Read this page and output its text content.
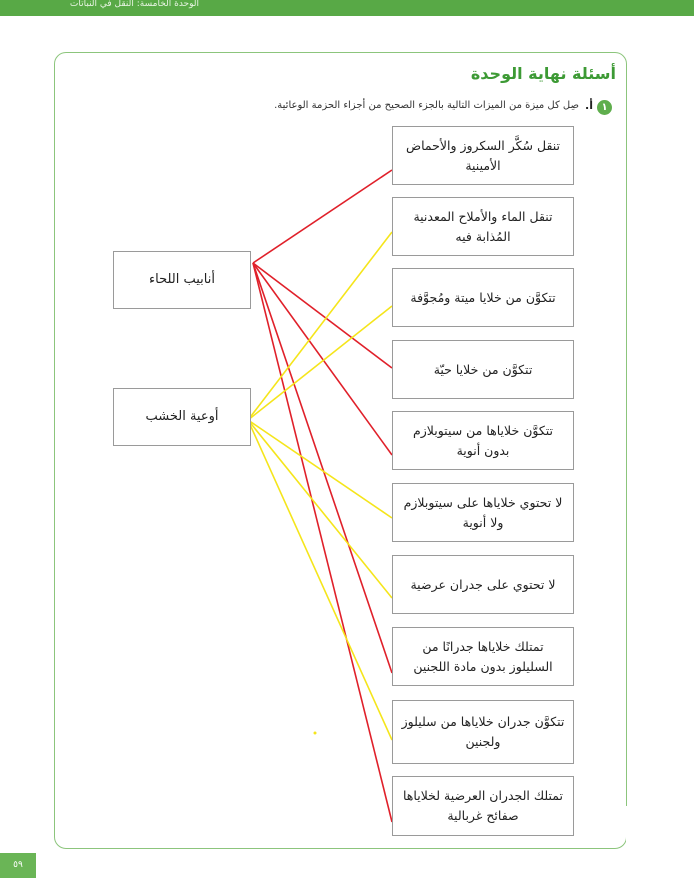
الوحدة الخامسة: النقل في النباتات
أسئلة نهاية الوحدة
١
أ.
صِل كل ميزة من الميزات التالية بالجزء الصحيح من أجزاء الحزمة الوعائية.
أنابيب اللحاء
أوعية الخشب
تنقل سُكَّر السكروز والأحماض الأمينية
تنقل الماء والأملاح المعدنية المُذابة فيه
تتكوَّن من خلايا ميتة ومُجوَّفة
تتكوَّن من خلايا حيّة
تتكوَّن خلاياها من سيتوبلازم بدون أنوية
لا تحتوي خلاياها على سيتوبلازم ولا أنوية
لا تحتوي على جدران عرضية
تمتلك خلاياها جدرانًا من السليلوز بدون مادة اللجنين
تتكوَّن جدران خلاياها من سليلوز ولجنين
تمتلك الجدران العرضية لخلاياها صفائح غربالية
٥٩
